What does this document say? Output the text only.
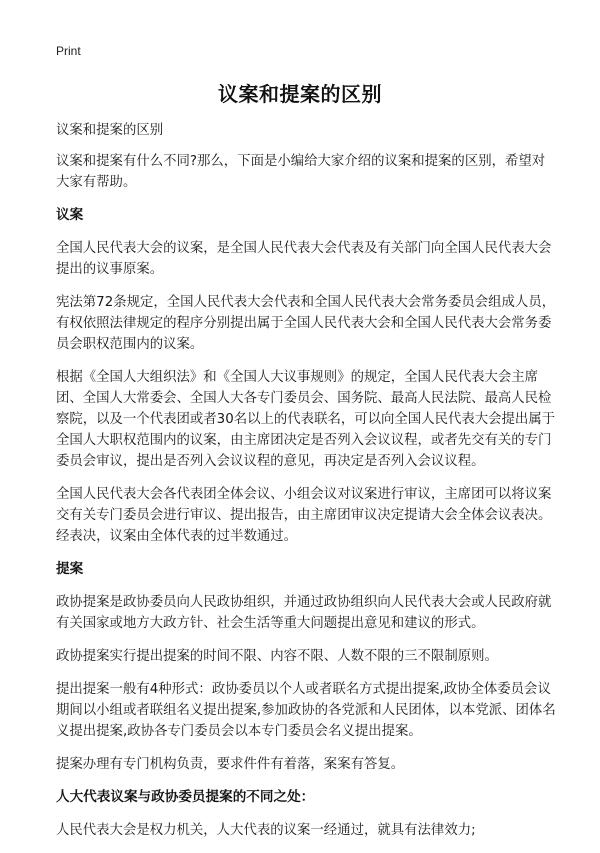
Print
议案和提案的区别

议案和提案的区别

议案和提案有什么不同?那么，下面是小编给大家介绍的议案和提案的区别，希望对大家有帮助。

议案

全国人民代表大会的议案，是全国人民代表大会代表及有关部门向全国人民代表大会提出的议事原案。

宪法第72条规定，全国人民代表大会代表和全国人民代表大会常务委员会组成人员，有权依照法律规定的程序分别提出属于全国人民代表大会和全国人民代表大会常务委员会职权范围内的议案。

根据《全国人大组织法》和《全国人大议事规则》的规定，全国人民代表大会主席团、全国人大常委会、全国人大各专门委员会、国务院、最高人民法院、最高人民检察院，以及一个代表团或者30名以上的代表联名，可以向全国人民代表大会提出属于全国人大职权范围内的议案，由主席团决定是否列入会议议程，或者先交有关的专门委员会审议，提出是否列入会议议程的意见，再决定是否列入会议议程。

全国人民代表大会各代表团全体会议、小组会议对议案进行审议，主席团可以将议案交有关专门委员会进行审议、提出报告，由主席团审议决定提请大会全体会议表决。经表决，议案由全体代表的过半数通过。

提案

政协提案是政协委员向人民政协组织，并通过政协组织向人民代表大会或人民政府就有关国家或地方大政方针、社会生活等重大问题提出意见和建议的形式。

政协提案实行提出提案的时间不限、内容不限、人数不限的三不限制原则。

提出提案一般有4种形式：政协委员以个人或者联名方式提出提案,政协全体委员会议期间以小组或者联组名义提出提案,参加政协的各党派和人民团体，以本党派、团体名义提出提案,政协各专门委员会以本专门委员会名义提出提案。

提案办理有专门机构负责，要求件件有着落，案案有答复。

人大代表议案与政协委员提案的不同之处：

人民代表大会是权力机关，人大代表的议案一经通过，就具有法律效力;
